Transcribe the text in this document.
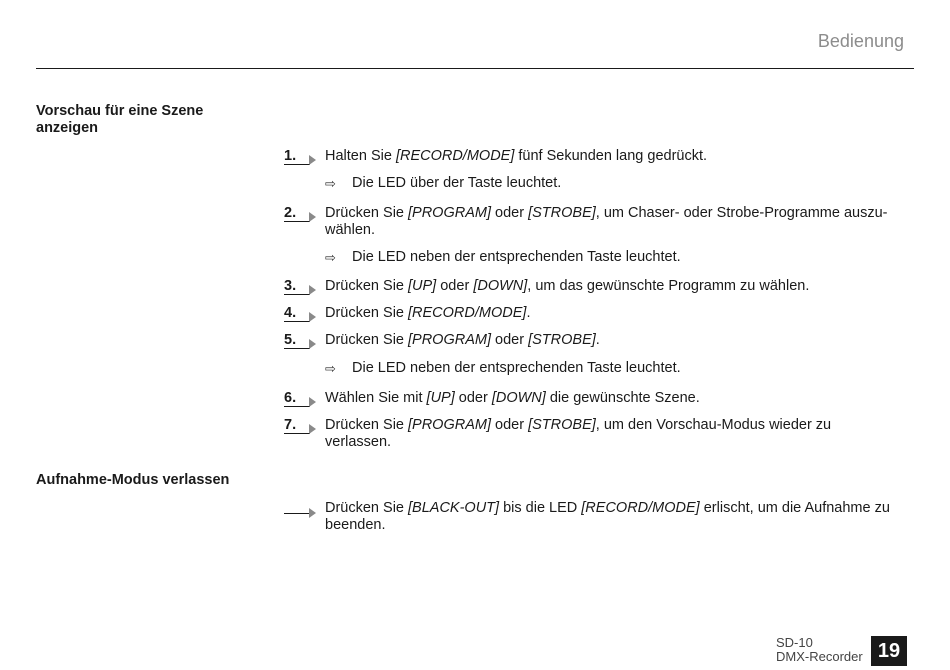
Bedienung
Vorschau für eine Szene anzeigen
1.	Halten Sie [RECORD/MODE] fünf Sekunden lang gedrückt.
⇨ Die LED über der Taste leuchtet.
2.	Drücken Sie [PROGRAM] oder [STROBE], um Chaser- oder Strobe-Programme auszu-
wählen.
⇨ Die LED neben der entsprechenden Taste leuchtet.
3.	Drücken Sie [UP] oder [DOWN], um das gewünschte Programm zu wählen.
4.	Drücken Sie [RECORD/MODE].
5.	Drücken Sie [PROGRAM] oder [STROBE].
⇨ Die LED neben der entsprechenden Taste leuchtet.
6.	Wählen Sie mit [UP] oder [DOWN] die gewünschte Szene.
7.	Drücken Sie [PROGRAM] oder [STROBE], um den Vorschau-Modus wieder zu verlassen.
Aufnahme-Modus verlassen
Drücken Sie [BLACK-OUT] bis die LED [RECORD/MODE] erlischt, um die Aufnahme zu
beenden.
SD-10
DMX-Recorder 19
